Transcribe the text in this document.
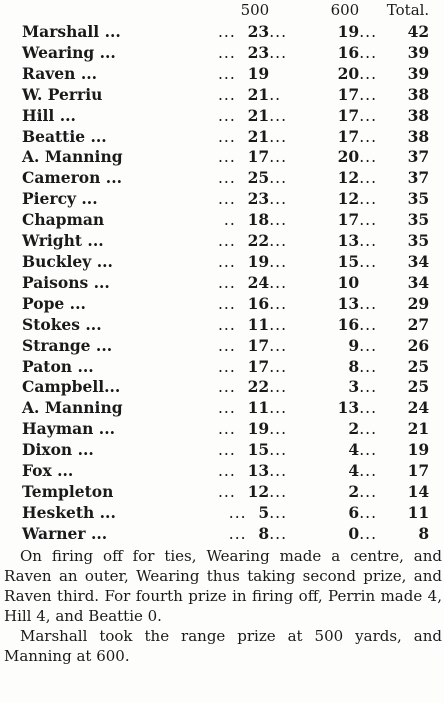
	500		600		Total.
Marshall ...	...  23	...	19	...	42
Wearing ...	...  23	...	16	...	39
Raven ...	...  19		20	...	39
W. Perriu	...  21	..	17	...	38
Hill ...	...  21	...	17	...	38
Beattie ...	...  21	...	17	...	38
A. Manning	...  17	...	20	...	37
Cameron ...	...  25	...	12	...	37
Piercy ...	...  23	...	12	...	35
Chapman	..  18	...	17	...	35
Wright ...	...  22	...	13	...	35
Buckley ...	...  19	...	15	...	34
Paisons ...	...  24	...	10		34
Pope ...	...  16	...	13	...	29
Stokes ...	...  11	...	16	...	27
Strange ...	...  17	...	9	...	26
Paton ...	...  17	...	8	...	25
Campbell...	...  22	...	3	...	25
A. Manning	...  11	...	13	...	24
Hayman ...	...  19	...	2	...	21
Dixon ...	...  15	...	4	...	19
Fox ...	...  13	...	4	...	17
Templeton	...  12	...	2	...	14
Hesketh ...	...  5	...	6	...	11
Warner ...	...  8	...	0	...	8

On firing off for ties, Wearing made a centre, and Raven an outer, Wearing thus taking second prize, and Raven third. For fourth prize in firing off, Perrin made 4, Hill 4, and Beattie 0.

Marshall took the range prize at 500 yards, and Manning at 600.
